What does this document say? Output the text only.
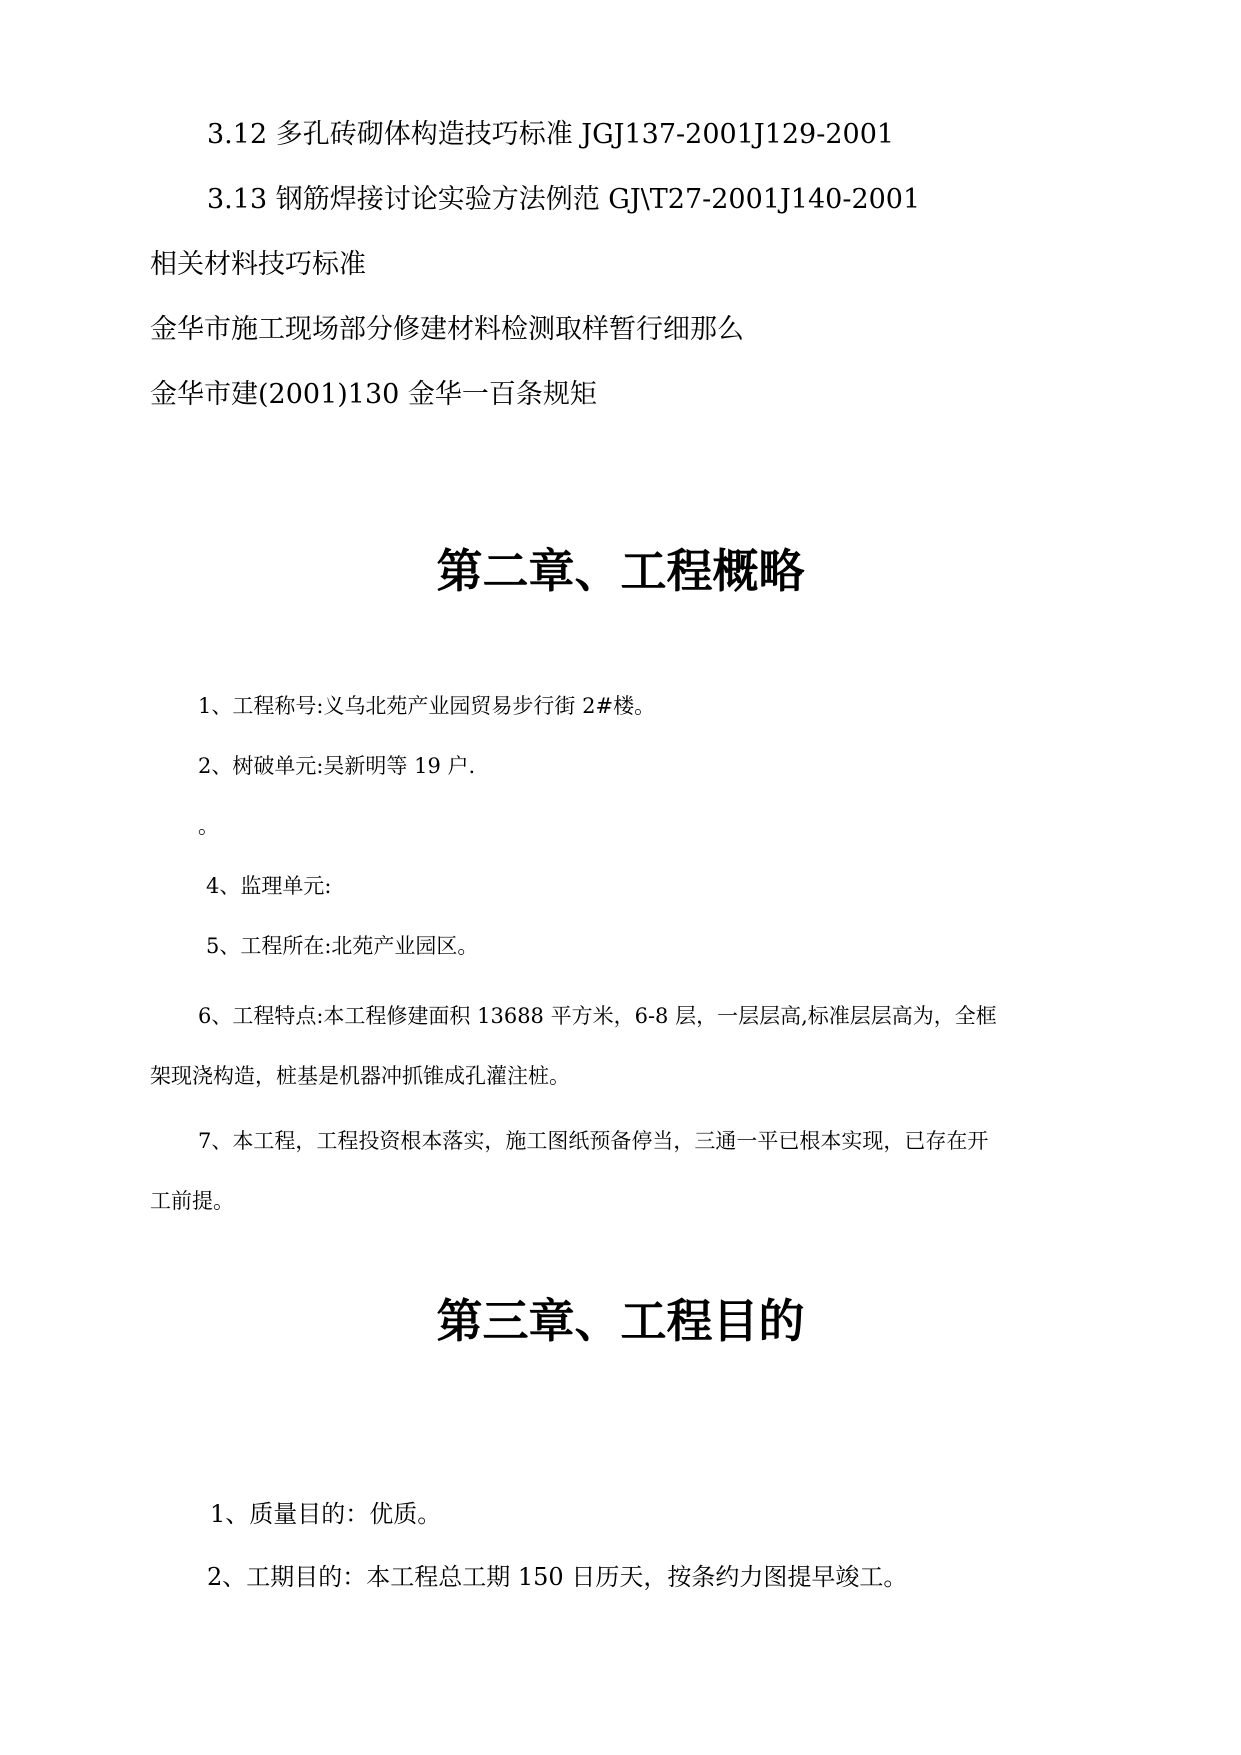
3.12 多孔砖砌体构造技巧标准 JGJ137-2001J129-2001
3.13 钢筋焊接讨论实验方法例范 GJ\T27-2001J140-2001
相关材料技巧标准
金华市施工现场部分修建材料检测取样暂行细那么
金华市建(2001)130 金华一百条规矩
第二章、工程概略
1、工程称号:义乌北苑产业园贸易步行街 2#楼。
2、树破单元:吴新明等 19 户.
。
4、监理单元:
5、工程所在:北苑产业园区。
6、工程特点:本工程修建面积 13688 平方米，6-8 层，一层层高,标准层层高为，全框
架现浇构造，桩基是机器冲抓锥成孔灌注桩。
7、本工程，工程投资根本落实，施工图纸预备停当，三通一平已根本实现，已存在开
工前提。
第三章、工程目的
1、质量目的：优质。
2、工期目的：本工程总工期 150 日历天，按条约力图提早竣工。
